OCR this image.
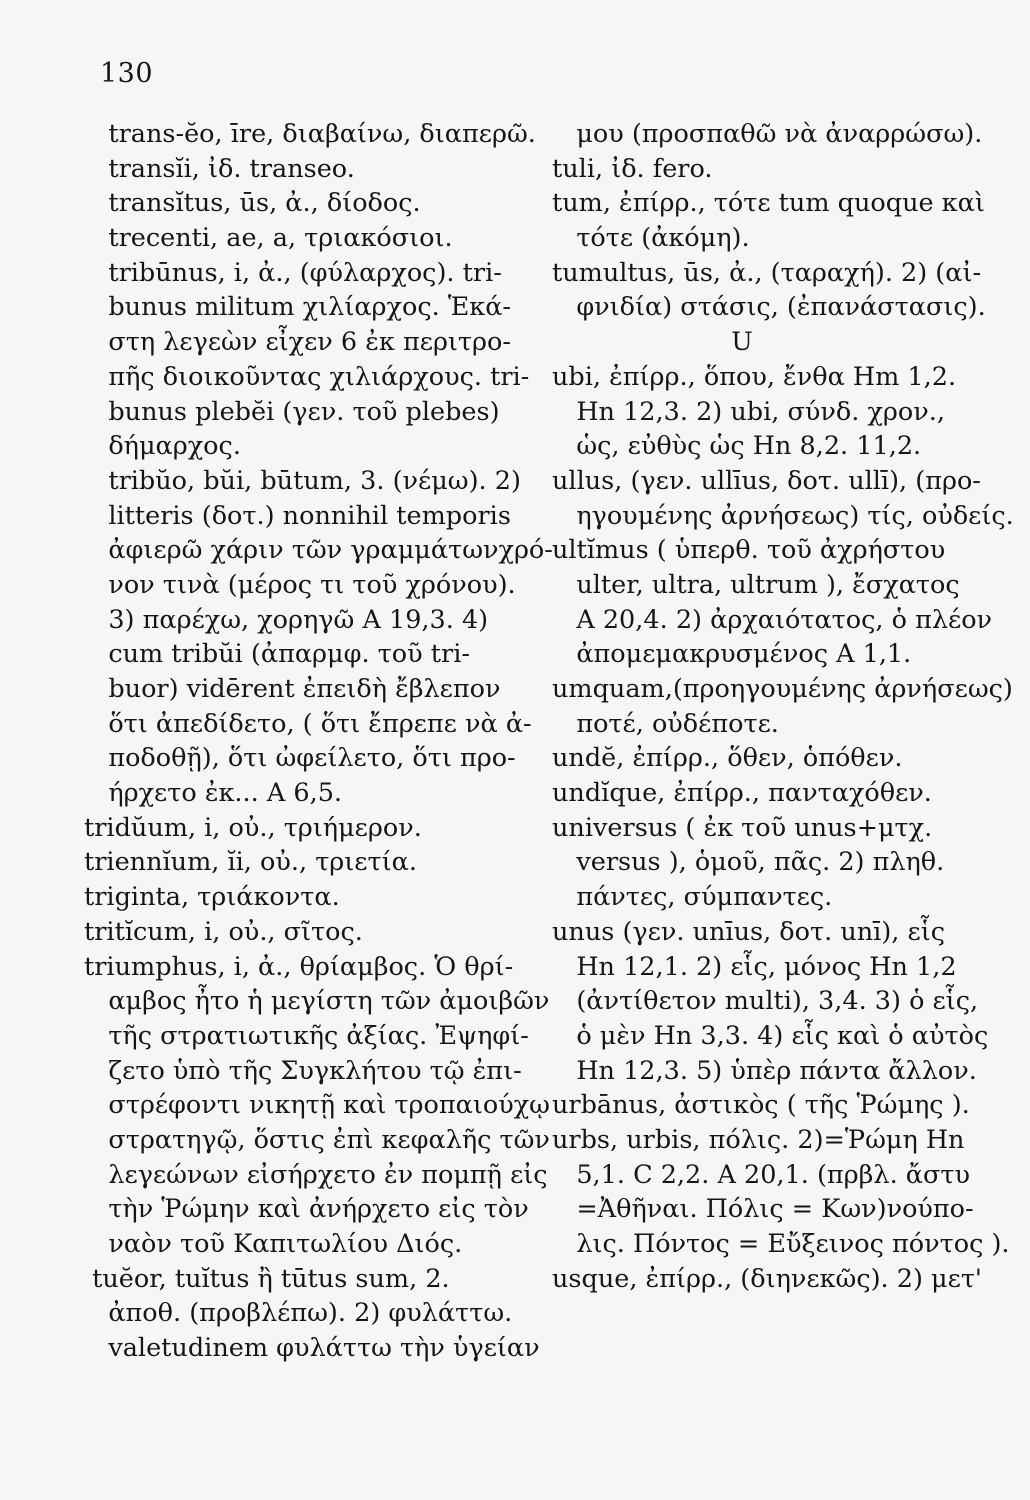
130
trans-ĕo, īre, διαβαίνω, διαπερῶ.
transĭi, ἰδ. transeo.
transĭtus, ūs, ἀ., δίοδος.
trecenti, ae, a, τριακόσιοι.
tribūnus, i, ἀ., (φύλαρχος). tri-
bunus militum χιλίαρχος. Ἑκά-
στη λεγεὼν εἶχεν 6 ἐκ περιτρο-
πῆς διοικοῦντας χιλιάρχους. tri-
bunus plebĕi (γεν. τοῦ plebes)
δήμαρχος.
tribŭo, bŭi, būtum, 3. (νέμω). 2)
litteris (δοτ.) nonnihil temporis
ἀφιερῶ χάριν τῶν γραμμάτωνχρό-
νον τινὰ (μέρος τι τοῦ χρόνου).
3) παρέχω, χορηγῶ Α 19,3. 4)
cum tribŭi (ἀπαρμφ. τοῦ tri-
buor) vidērent ἐπειδὴ ἔβλεπον
ὅτι ἀπεδίδετο, ( ὅτι ἔπρεπε νὰ ἀ-
ποδοθῇ), ὅτι ὠφείλετο, ὅτι προ-
ήρχετο ἐκ... Α 6,5.
tridŭum, i, οὐ., τριήμερον.
triennĭum, ĭi, οὐ., τριετία.
triginta, τριάκοντα.
tritĭcum, i, οὐ., σῖτος.
triumphus, i, ἀ., θρίαμβος. Ὁ θρί-
αμβος ἦτο ἡ μεγίστη τῶν ἀμοιβῶν
τῆς στρατιωτικῆς ἀξίας. Ἐψηφί-
ζετο ὑπὸ τῆς Συγκλήτου τῷ ἐπι-
στρέφοντι νικητῇ καὶ τροπαιούχῳ
στρατηγῷ, ὅστις ἐπὶ κεφαλῆς τῶν
λεγεώνων εἰσήρχετο ἐν πομπῇ εἰς
τὴν Ῥώμην καὶ ἀνήρχετο εἰς τὸν
ναὸν τοῦ Καπιτωλίου Διός.
tuĕor, tuĭtus ἢ tūtus sum, 2.
ἀποθ. (προβλέπω). 2) φυλάττω.
valetudinem φυλάττω τὴν ὑγείαν
μου (προσπαθῶ νὰ ἀναρρώσω).
tuli, ἰδ. fero.
tum, ἐπίρρ., τότε tum quoque καὶ
τότε (ἀκόμη).
tumultus, ūs, ἀ., (ταραχή). 2) (αἰ-
φνιδία) στάσις, (ἐπανάστασις).
U
ubi, ἐπίρρ., ὅπου, ἔνθα Hm 1,2.
Hn 12,3. 2) ubi, σύνδ. χρον.,
ὡς, εὐθὺς ὡς Hn 8,2. 11,2.
ullus, (γεν. ullīus, δοτ. ullī), (προ-
ηγουμένης ἀρνήσεως) τίς, οὐδείς.
ultĭmus ( ὑπερθ. τοῦ ἀχρήστου
ulter, ultra, ultrum ), ἔσχατος
Α 20,4. 2) ἀρχαιότατος, ὁ πλέον
ἀπομεμακρυσμένος Α 1,1.
umquam,(προηγουμένης ἀρνήσεως)
ποτέ, οὐδέποτε.
undĕ, ἐπίρρ., ὅθεν, ὁπόθεν.
undĭque, ἐπίρρ., πανταχόθεν.
universus ( ἐκ τοῦ unus+μτχ.
versus ), ὁμοῦ, πᾶς. 2) πληθ.
πάντες, σύμπαντες.
unus (γεν. unīus, δοτ. unī), εἷς
Hn 12,1. 2) εἷς, μόνος Hn 1,2
(ἀντίθετον multi), 3,4. 3) ὁ εἷς,
ὁ μὲν Hn 3,3. 4) εἷς καὶ ὁ αὐτὸς
Hn 12,3. 5) ὑπὲρ πάντα ἄλλον.
urbānus, ἀστικὸς ( τῆς Ῥώμης ).
urbs, urbis, πόλις. 2)=Ῥώμη Hn
5,1. C 2,2. Α 20,1. (πρβλ. ἄστυ
=Ἀθῆναι. Πόλις = Κων)νούπο-
λις. Πόντος = Εὔξεινος πόντος ).
usque, ἐπίρρ., (διηνεκῶς). 2) μετ'
